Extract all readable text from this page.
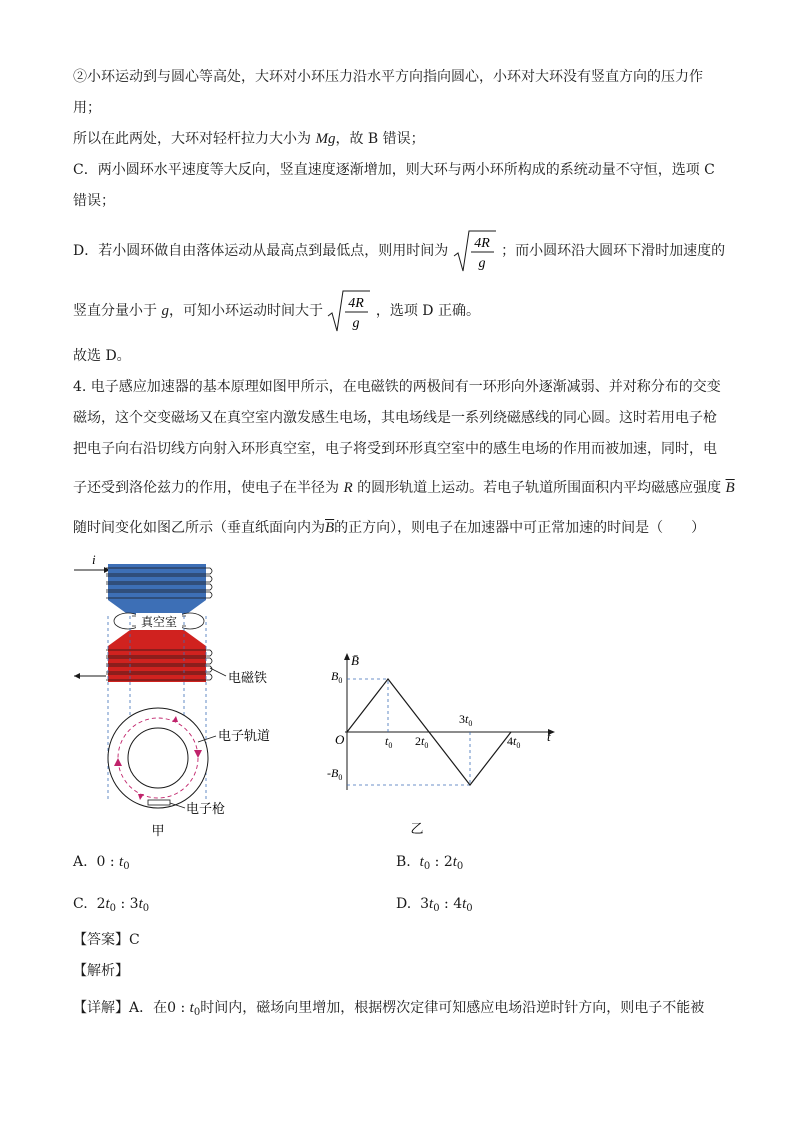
②小环运动到与圆心等高处，大环对小环压力沿水平方向指向圆心，小环对大环没有竖直方向的压力作
用；
所以在此两处，大环对轻杆拉力大小为 Mg，故 B 错误；
C．两小圆环水平速度等大反向，竖直速度逐渐增加，则大环与两小环所构成的系统动量不守恒，选项 C
错误；
D．若小圆环做自由落体运动从最高点到最低点，则用时间为 4R
g
；而小圆环沿大圆环下滑时加速度的
竖直分量小于 g，可知小环运动时间大于 4R
g
，选项 D 正确。
故选 D。
4. 电子感应加速器的基本原理如图甲所示，在电磁铁的两极间有一环形向外逐渐减弱、并对称分布的交变
磁场，这个交变磁场又在真空室内激发感生电场，其电场线是一系列绕磁感线的同心圆。这时若用电子枪
把电子向右沿切线方向射入环形真空室，电子将受到环形真空室中的感生电场的作用而被加速，同时，电
子还受到洛伦兹力的作用，使电子在半径为 R 的圆形轨道上运动。若电子轨道所围面积内平均磁感应强度 $\overline{B}$
随时间变化如图乙所示（垂直纸面向内为$\overline{B}$的正方向），则电子在加速器中可正常加速的时间是（　　）
i
真空室
电磁铁
电子枪
电子轨道
甲
B̄
t
O
$B_0$
$-B_0$
$t_0$ $2t_0$
$3t_0$
$4t_0$
乙
A. 0 : $t_0$	B. $t_0$ : $2t_0$
C. $2t_0$ : $3t_0$	D. $3t_0$ : $4t_0$
【答案】C
【解析】
【详解】A．在0 : $t_0$时间内，磁场向里增加，根据楞次定律可知感应电场沿逆时针方向，则电子不能被
